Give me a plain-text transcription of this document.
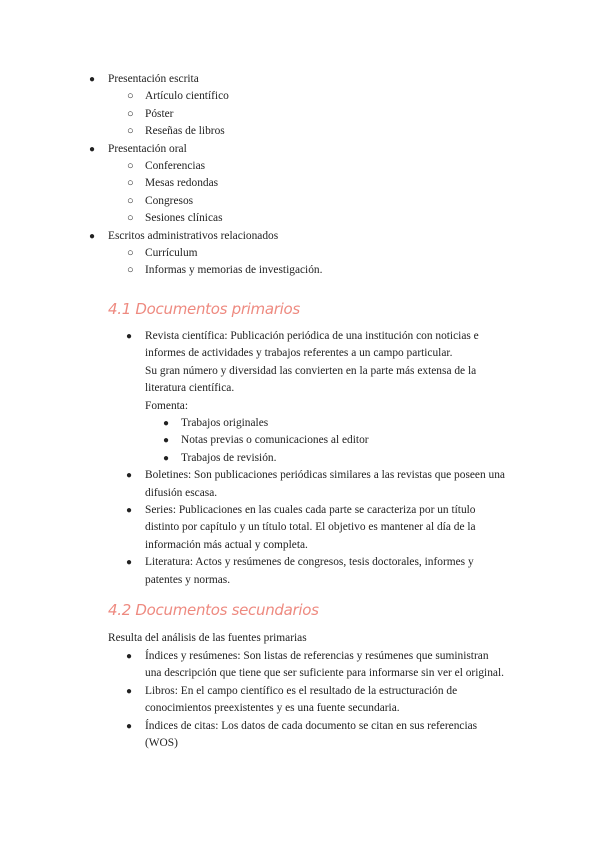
● Presentación escrita
○ Artículo científico
○ Póster
○ Reseñas de libros
● Presentación oral
○ Conferencias
○ Mesas redondas
○ Congresos
○ Sesiones clínicas
● Escritos administrativos relacionados
○ Currículum
○ Informas y memorias de investigación.
4.1 Documentos primarios
● Revista científica: Publicación periódica de una institución con noticias e
informes de actividades y trabajos referentes a un campo particular.
Su gran número y diversidad las convierten en la parte más extensa de la
literatura científica.
Fomenta:
● Trabajos originales
● Notas previas o comunicaciones al editor
● Trabajos de revisión.
● Boletines: Son publicaciones periódicas similares a las revistas que poseen una
difusión escasa.
● Series: Publicaciones en las cuales cada parte se caracteriza por un título
distinto por capítulo y un título total. El objetivo es mantener al día de la
información más actual y completa.
● Literatura: Actos y resúmenes de congresos, tesis doctorales, informes y
patentes y normas.
4.2 Documentos secundarios
Resulta del análisis de las fuentes primarias
● Índices y resúmenes: Son listas de referencias y resúmenes que suministran
una descripción que tiene que ser suficiente para informarse sin ver el original.
● Libros: En el campo científico es el resultado de la estructuración de
conocimientos preexistentes y es una fuente secundaria.
● Índices de citas: Los datos de cada documento se citan en sus referencias
(WOS)
